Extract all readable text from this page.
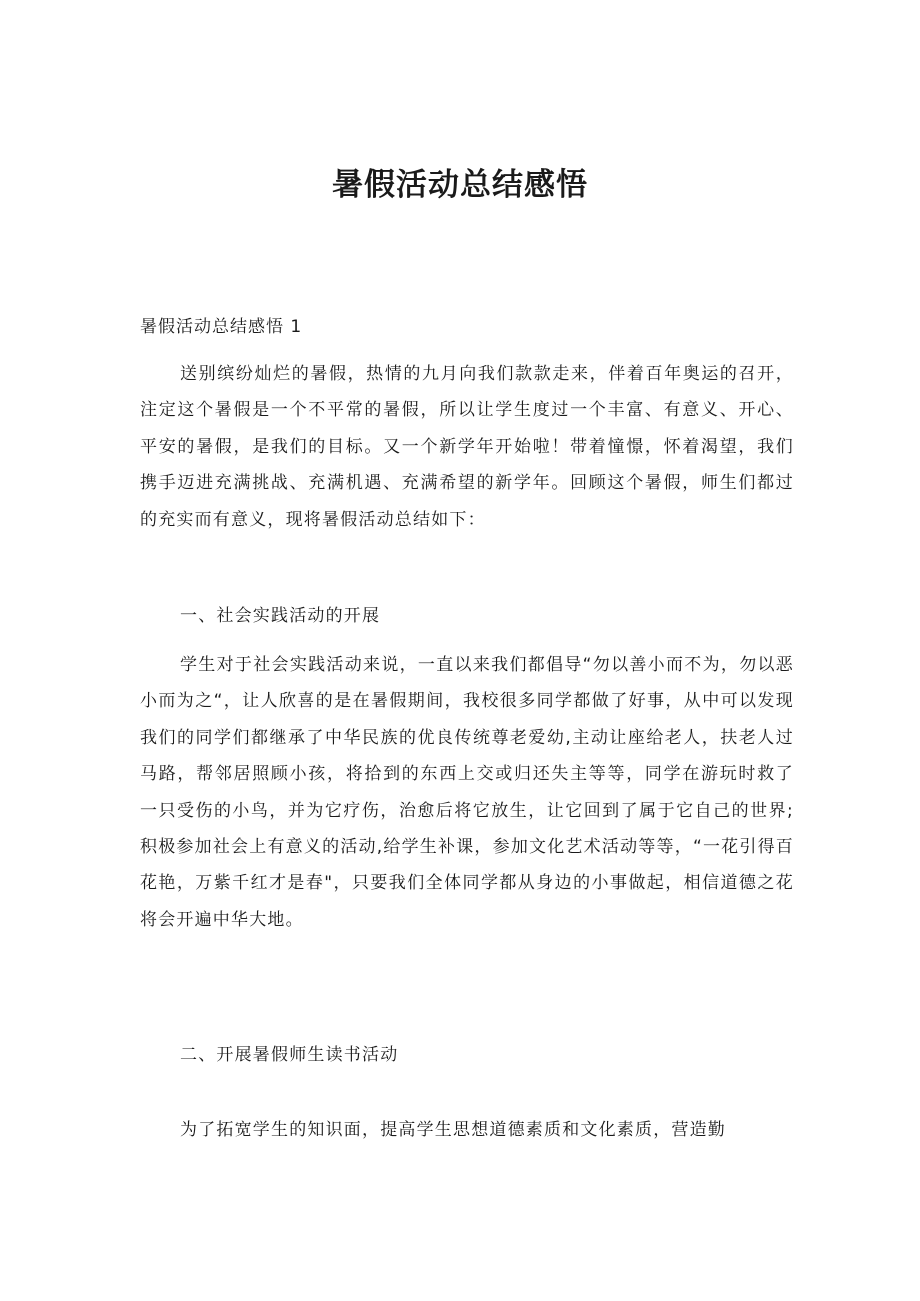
暑假活动总结感悟

暑假活动总结感悟 1

送别缤纷灿烂的暑假，热情的九月向我们款款走来，伴着百年奥运的召开，注定这个暑假是一个不平常的暑假，所以让学生度过一个丰富、有意义、开心、平安的暑假，是我们的目标。又一个新学年开始啦！带着憧憬，怀着渴望，我们携手迈进充满挑战、充满机遇、充满希望的新学年。回顾这个暑假，师生们都过的充实而有意义，现将暑假活动总结如下：

一、社会实践活动的开展

学生对于社会实践活动来说，一直以来我们都倡导“勿以善小而不为，勿以恶小而为之“，让人欣喜的是在暑假期间，我校很多同学都做了好事，从中可以发现我们的同学们都继承了中华民族的优良传统尊老爱幼,主动让座给老人，扶老人过马路，帮邻居照顾小孩，将拾到的东西上交或归还失主等等，同学在游玩时救了一只受伤的小鸟，并为它疗伤，治愈后将它放生，让它回到了属于它自己的世界;积极参加社会上有意义的活动,给学生补课，参加文化艺术活动等等，“一花引得百花艳，万紫千红才是春"，只要我们全体同学都从身边的小事做起，相信道德之花将会开遍中华大地。

二、开展暑假师生读书活动

为了拓宽学生的知识面，提高学生思想道德素质和文化素质，营造勤
